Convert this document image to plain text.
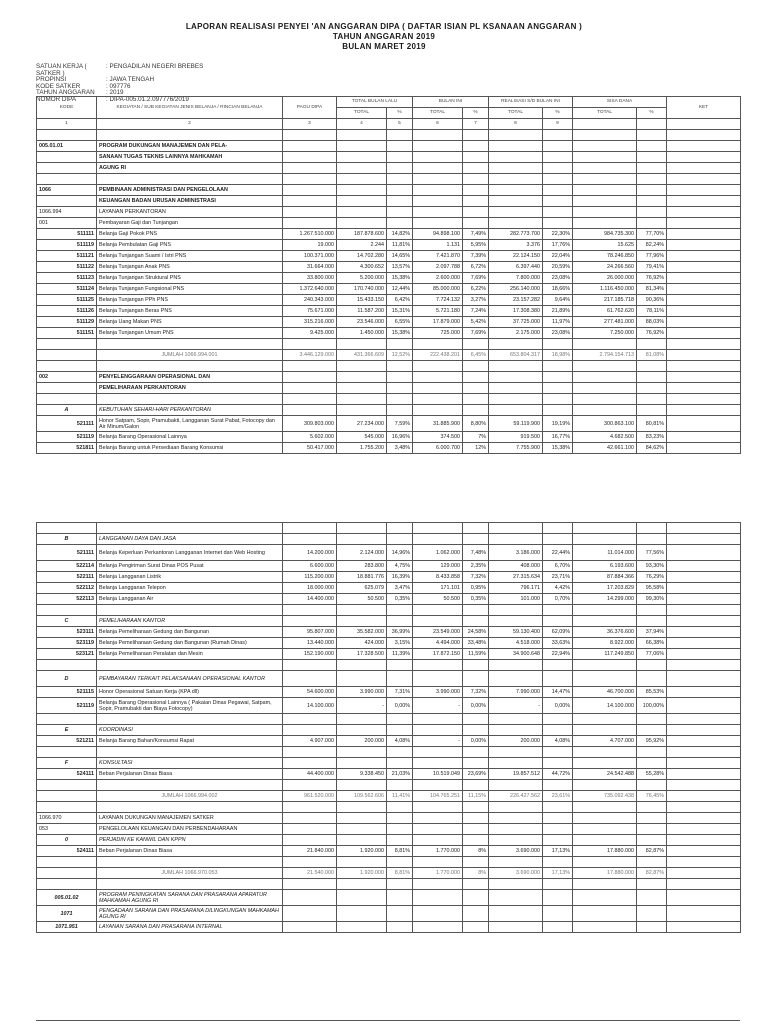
LAPORAN REALISASI PENYEI 'AN ANGGARAN DIPA ( DAFTAR ISIAN PL KSANAAN ANGGARAN )
TAHUN ANGGARAN 2019
BULAN MARET 2019
SATUAN KERJA ( SATKER )
: PENGADILAN NEGERI BREBES
PROPINSI	: JAWA TENGAH
KODE SATKER	: 097776
TAHUN ANGGARAN	: 2019
NOMOR DIPA	: DIPA-005.01.2.097776/2019
KODE	KEGIATAN / SUB KEGIATAN JENIS BELANJA / RINCIAN BELANJA	PAGU DIPA	TOTAL BULAN LALU		BULAN INI		REALISASI S/D BULAN INI		SISA DANA		KET
			TOTAL	%	TOTAL	%	TOTAL	%	TOTAL	%	
1	2	3	4	5	6	7	8	9			

005.01.01	PROGRAM DUKUNGAN MANAJEMEN DAN PELA-										
	SANAAN TUGAS TEKNIS LAINNYA MAHKAMAH										
	AGUNG RI										

1066	PEMBINAAN ADMINISTRASI DAN PENGELOLAAN										
	KEUANGAN BADAN URUSAN ADMINISTRASI										
1066.994	LAYANAN PERKANTORAN										
001	Pembayaran Gaji dan Tunjangan										
511111	Belanja Gaji Pokok PNS	1.267.510.000	187.878.600	14,82%	94.898.100	7,49%	282.773.700	22,30%	984.735.300	77,70%	
511119	Belanja Pembulatan Gaji PNS	19.000	2.244	11,81%	1.131	5,95%	3.376	17,76%	15.625	82,24%	
511121	Belanja Tunjangan Suami / Istri PNS	100.371.000	14.702.280	14,65%	7.421.870	7,39%	22.124.150	22,04%	78.246.850	77,96%	
511122	Belanja Tunjangan Anak PNS	31.664.000	4.300.652	13,57%	2.097.788	6,72%	6.397.440	20,59%	24.266.560	79,41%	
511123	Belanja Tunjangan Struktural PNS	33.800.000	5.200.000	15,38%	2.600.000	7,69%	7.800.000	23,08%	26.000.000	76,92%	
511124	Belanja Tunjangan Fungsional PNS	1.372.640.000	170.740.000	12,44%	85.000.000	6,22%	256.140.000	18,66%	1.116.450.000	81,34%	
511125	Belanja Tunjangan PPh PNS	240.343.000	15.433.150	6,42%	7.724.132	3,27%	23.157.282	9,64%	217.185.718	90,36%	
511126	Belanja Tunjangan Beras PNS	75.671.000	11.587.200	15,31%	5.721.180	7,24%	17.308.380	21,89%	61.762.620	78,11%	
511129	Belanja Uang Makan PNS	315.216.000	23.546.000	6,55%	17.879.000	5,42%	37.725.000	11,97%	277.481.000	88,03%	
511151	Belanja Tunjangan Umum PNS	9.425.000	1.450.000	15,38%	725.000	7,69%	2.175.000	23,08%	7.250.000	76,92%	

	JUMLAH 1066.994.001	3.446.129.000	431.366.609	12,52%	222.438.201	6,45%	653.804.317	18,98%	2.794.154.713	81,08%	

002	PENYELENGGARAAN OPERASIONAL DAN										
	PEMELIHARAAN PERKANTORAN										

A	KEBUTUHAN SEHARI-HARI PERKANTORAN										
521111	Honor Satpam, Sopir, Pramubakti, Langganan Surat Pabat, Fotocopy dan Air Minum/Galon	309.803.000	27.234.000	7,59%	31.885.900	8,80%	59.119.900	19,19%	300.863.100	80,81%	
521119	Belanja Barang Operasional Lainnya	5.602.000	545.000	16,96%	374.500	7%	919.500	16,77%	4.682.500	83,23%	
521811	Belanja Barang untuk Persediaan Barang Konsumsi	50.417.000	1.755.200	3,48%	6.000.700	12%	7.755.900	15,38%	42.661.100	84,62%	

B	LANGGANAN DAYA DAN JASA										
521111	Belanja Keperluan Perkantoran Langganan Internet dan Web Hosting	14.200.000	2.124.000	14,96%	1.062.000	7,48%	3.186.000	22,44%	11.014.000	77,56%	
522114	Belanja Pengiriman Surat Dinas POS Pusat	6.600.000	283.800	4,75%	129.000	2,35%	408.000	6,70%	6.193.600	93,30%	
522111	Belanja Langganan Listrik	115.200.000	18.881.776	16,39%	8.433.858	7,32%	27.315.634	23,71%	87.884.366	76,29%	
522112	Belanja Langganan Telepon	18.000.000	625.079	3,47%	171.101	0,95%	796.171	4,42%	17.203.829	95,58%	
522113	Belanja Langganan Air	14.400.000	50.500	0,35%	50.500	0,35%	101.000	0,70%	14.299.000	99,30%	

C	PEMELIHARAAN KANTOR										
523111	Belanja Pemeliharaan Gedung dan Bangunan	95.807.000	35.582.000	36,99%	23.549.000	24,58%	59.130.400	62,09%	36.376.600	37,94%	
523119	Belanja Pemeliharaan Gedung dan Bangunan (Rumah Dinas)	13.440.000	424.000	3,15%	4.494.000	33,48%	4.518.000	33,63%	8.922.000	66,38%	
523121	Belanja Pemeliharaan Peralatan dan Mesin	152.190.000	17.328.500	11,39%	17.872.150	11,59%	34.900.648	22,94%	117.249.850	77,06%	

D	PEMBAYARAN TERKAIT PELAKSANAAN OPERASIONAL KANTOR										
521115	Honor Operasional Satuan Kerja (KPA dll)	54.600.000	3.990.000	7,31%	3.990.000	7,32%	7.990.000	14,47%	46.700.000	85,53%	
521119	Belanja Barang Operasional Lainnya ( Pakaian Dinas Pegawai, Satpam, Sopir, Pramubakti dan Biaya Fotocopy)	14.100.000	-	0,00%	-	0,00%	-	0,00%	14.100.000	100,00%	

E	KOORDINASI										
521211	Belanja Barang Bahan/Konsumsi Rapat	4.907.000	200.000	4,08%	-	0,00%	200.000	4,08%	4.707.000	95,92%	

F	KONSULTASI										
524111	Beban Perjalanan Dinas Biasa	44.400.000	9.338.450	21,03%	10.519.049	23,69%	19.857.512	44,72%	24.542.488	55,28%	

	JUMLAH 1066.994.002	961.520.000	109.562.606	11,41%	104.765.251	11,15%	226.427.562	23,61%	735.092.438	76,45%	

1066.970	LAYANAN DUKUNGAN MANAJEMEN SATKER										
053	PENGELOLAAN KEUANGAN DAN PERBENDAHARAAN										
0	PERJADIN KE KANWIL DAN KPPN										
524111	Beban Perjalanan Dinas Biasa	21.840.000	1.920.000	8,81%	1.770.000	8%	3.690.000	17,13%	17.880.000	82,87%	

	JUMLAH 1066.970.053	21.540.000	1.920.000	8,81%	1.770.000	8%	3.690.000	17,13%	17.880.000	82,87%	

005.01.02	PROGRAM PENINGKATAN SARANA DAN PRASARANA APARATUR MAHKAMAH AGUNG RI										
1071	PENGADAAN SARANA DAN PRASARANA DILINGKUNGAN MAHKAMAH AGUNG RI										
1071.951	LAYANAN SARANA DAN PRASARANA INTERNAL										
